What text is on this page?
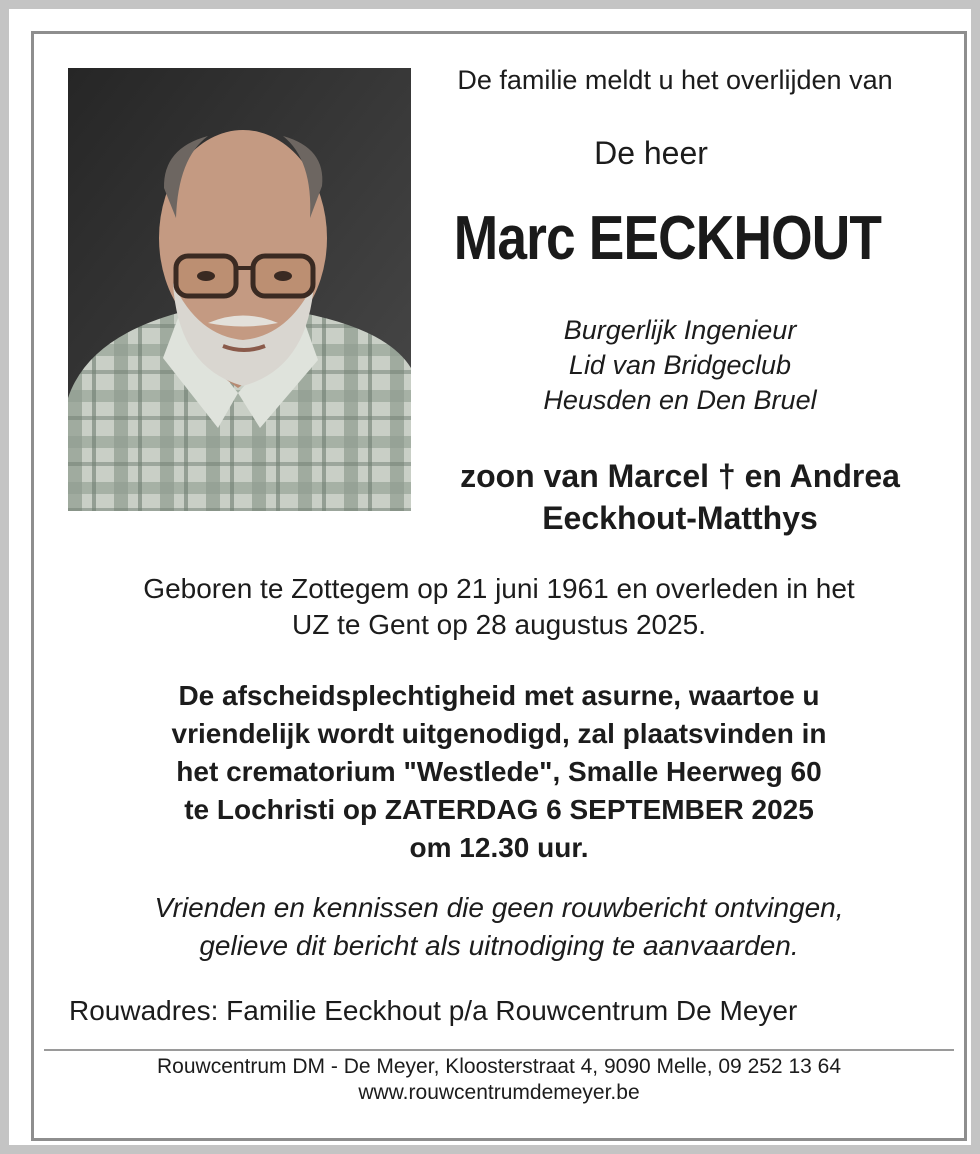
De familie meldt u het overlijden van
De heer
Marc EECKHOUT
Burgerlijk Ingenieur
Lid van Bridgeclub
Heusden en Den Bruel
zoon van Marcel † en Andrea
Eeckhout-Matthys
Geboren te Zottegem op 21 juni 1961 en overleden in het
UZ te Gent op 28 augustus 2025.
De afscheidsplechtigheid met asurne, waartoe u
vriendelijk wordt uitgenodigd, zal plaatsvinden in
het crematorium "Westlede", Smalle Heerweg 60
te Lochristi op ZATERDAG 6 SEPTEMBER 2025
om 12.30 uur.
Vrienden en kennissen die geen rouwbericht ontvingen,
gelieve dit bericht als uitnodiging te aanvaarden.
Rouwadres: Familie Eeckhout p/a Rouwcentrum De Meyer
Rouwcentrum DM - De Meyer, Kloosterstraat 4, 9090 Melle, 09 252 13 64
www.rouwcentrumdemeyer.be
